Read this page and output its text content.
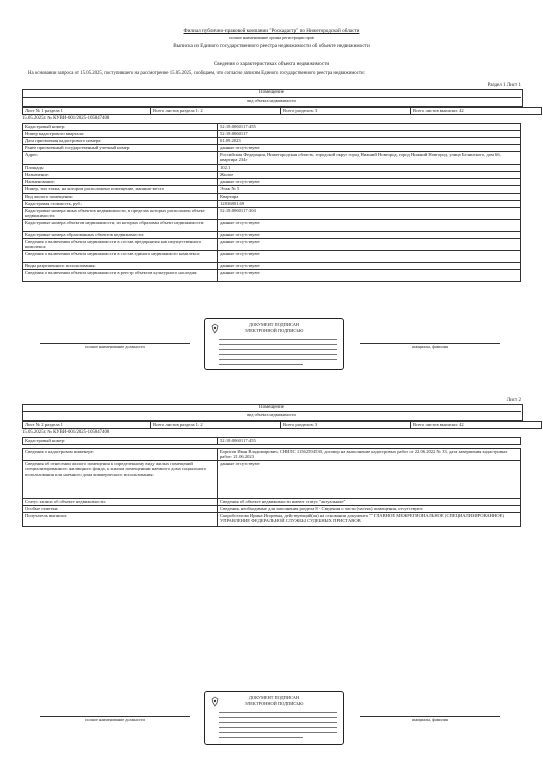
Филиал публично-правовой компании "Роскадастр" по Нижегородской области
полное наименование органа регистрации прав
Выписка из Единого государственного реестра недвижимости об объекте недвижимости
Сведения о характеристиках объекта недвижимости
На основании запроса от 15.05.2025, поступившего на рассмотрение 15.05.2025, сообщаем, что согласно записям Единого государственного реестра недвижимости:
Раздел 1 Лист 1
Помещение
вид объекта недвижимости
Лист № 1 раздела 1	Всего листов раздела 1: 2	Всего разделов: 3	Всего листов выписки: 42
15.05.2025г. № КУВИ-001/2025-105847408
Кадастровый номер:	52:18:0060117:455
Номер кадастрового квартала:	52:18:0060117
Дата присвоения кадастрового номера:	01.09.2023
Ранее присвоенный государственный учетный номер:	данные отсутствуют
Адрес:	Российская Федерация, Нижегородская область, городской округ город Нижний Новгород, город Нижний Новгород, улица Белинского, дом 66, квартира 234г
Площадь:	102.1
Назначение:	Жилое
Наименование:	данные отсутствуют
Номер, тип этажа, на котором расположено помещение, машино-место	Этаж № 5
Вид жилого помещения:	Квартира
Кадастровая стоимость, руб.:	12836801.69
Кадастровые номера иных объектов недвижимости, в пределах которых расположен объект недвижимости:	52:18:0060117:304
Кадастровые номера объектов недвижимости, из которых образован объект недвижимости:	данные отсутствуют
Кадастровые номера образованных объектов недвижимости:	данные отсутствуют
Сведения о включении объекта недвижимости в состав предприятия как имущественного комплекса:	данные отсутствуют
Сведения о включении объекта недвижимости в состав единого недвижимого комплекса:	данные отсутствуют
Виды разрешенного использования:	данные отсутствуют
Сведения о включении объекта недвижимости в реестр объектов культурного наследия:	данные отсутствуют
полное наименование должности	инициалы, фамилия
ДОКУМЕНТ ПОДПИСАН
ЭЛЕКТРОННОЙ ПОДПИСЬЮ
Лист 2
Помещение
вид объекта недвижимости
Лист № 2 раздела 1	Всего листов раздела 1: 2	Всего разделов: 3	Всего листов выписки: 42
15.05.2025г. № КУВИ-001/2025-105847408
Кадастровый номер:	52:18:0060117:455
Сведения о кадастровом инженере:	Борисов Иван Владимирович, СНИЛС 11562594530, договор на выполнение кадастровых работ от 22.06.2022 № 33, дата завершения кадастровых работ: 21.06.2023
Сведения об отнесении жилого помещения к определенному виду жилых помещений специализированного жилищного фонда, к жилым помещениям наемного дома социального использования или наемного дома коммерческого использования:	данные отсутствуют
Статус записи об объекте недвижимости:	Сведения об объекте недвижимости имеют статус "актуальные"
Особые отметки:	Сведения, необходимые для заполнения раздела 8 - Сведения о части (частях) помещения, отсутствуют.
Получатель выписки:	Скоробогатова Ирина Игоревна, действующий(ая) на основании документа "" ГЛАВНОЕ МЕЖРЕГИОНАЛЬНОЕ (СПЕЦИАЛИЗИРОВАННОЕ) УПРАВЛЕНИЕ ФЕДЕРАЛЬНОЙ СЛУЖБЫ СУДЕБНЫХ ПРИСТАВОВ
полное наименование должности	инициалы, фамилия
ДОКУМЕНТ ПОДПИСАН
ЭЛЕКТРОННОЙ ПОДПИСЬЮ
